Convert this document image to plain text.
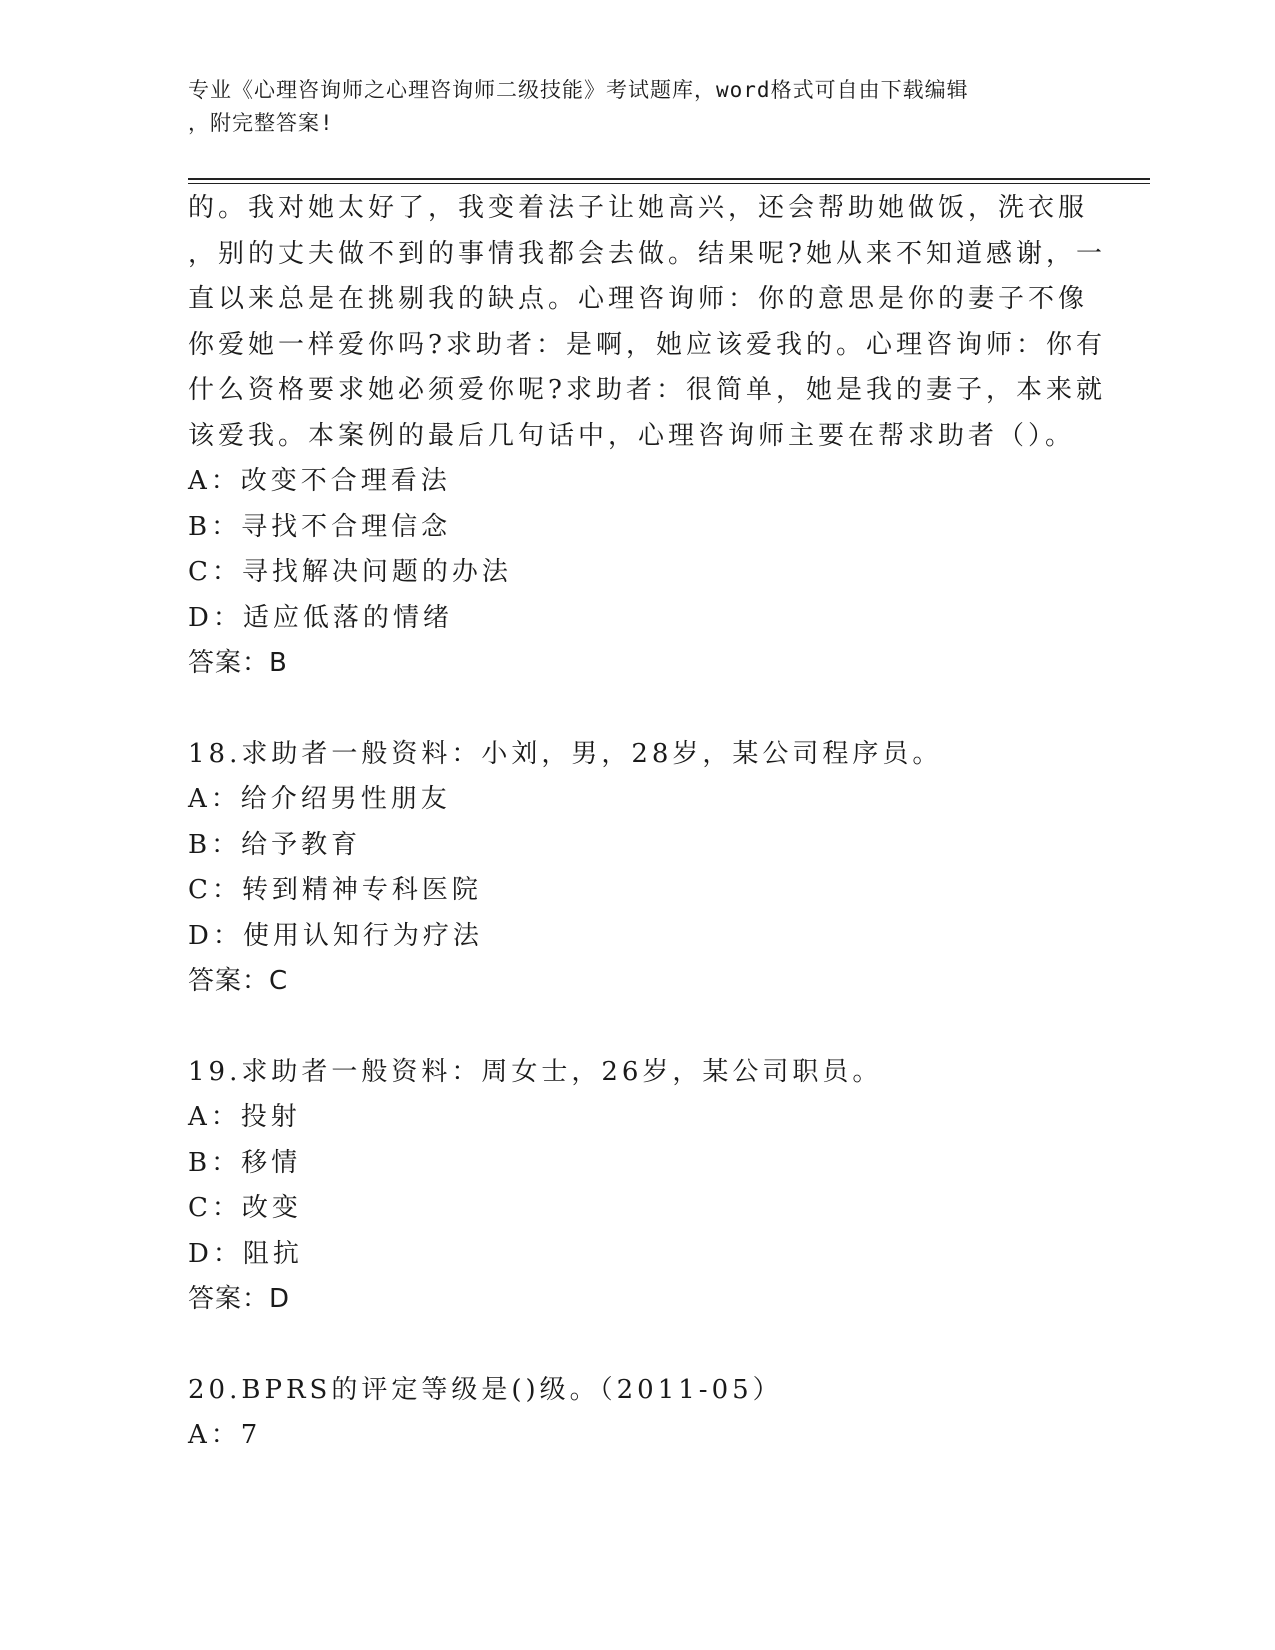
专业《心理咨询师之心理咨询师二级技能》考试题库，word格式可自由下载编辑
，附完整答案!
的。我对她太好了，我变着法子让她高兴，还会帮助她做饭，洗衣服
，别的丈夫做不到的事情我都会去做。结果呢?她从来不知道感谢，一
直以来总是在挑剔我的缺点。心理咨询师：你的意思是你的妻子不像
你爱她一样爱你吗?求助者：是啊，她应该爱我的。心理咨询师：你有
什么资格要求她必须爱你呢?求助者：很简单，她是我的妻子，本来就
该爱我。本案例的最后几句话中，心理咨询师主要在帮求助者（）。
A：改变不合理看法
B：寻找不合理信念
C：寻找解决问题的办法
D：适应低落的情绪
答案：B
18.求助者一般资料：小刘，男，28岁，某公司程序员。
A：给介绍男性朋友
B：给予教育
C：转到精神专科医院
D：使用认知行为疗法
答案：C
19.求助者一般资料：周女士，26岁，某公司职员。
A：投射
B：移情
C：改变
D：阻抗
答案：D
20.BPRS的评定等级是()级。（2011-05）
A：7
